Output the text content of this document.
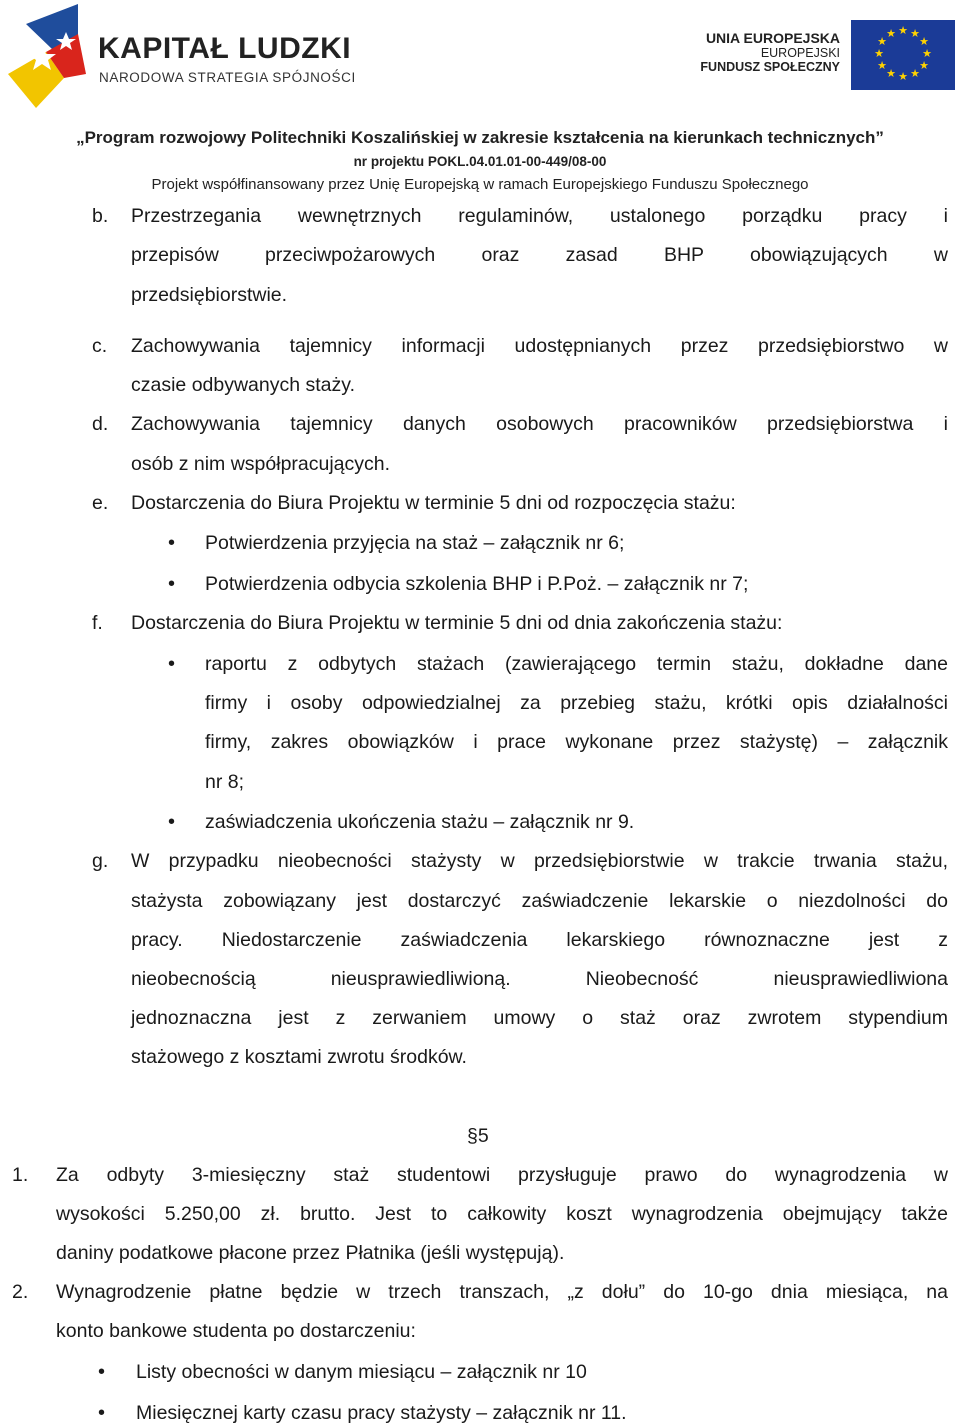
KAPITAŁ LUDZKI
NARODOWA STRATEGIA SPÓJNOŚCI
UNIA EUROPEJSKA
EUROPEJSKI
FUNDUSZ SPOŁECZNY
★ ★
★
★
★
★
★
★
★
★
★
★
„Program rozwojowy Politechniki Koszalińskiej w zakresie kształcenia na kierunkach technicznych”
nr projektu POKL.04.01.01-00-449/08-00
Projekt współfinansowany przez Unię Europejską w ramach Europejskiego Funduszu Społecznego
b. Przestrzegania wewnętrznych regulaminów, ustalonego porządku pracy i
przepisów przeciwpożarowych oraz zasad BHP obowiązujących w
przedsiębiorstwie.
c. Zachowywania tajemnicy informacji udostępnianych przez przedsiębiorstwo w
czasie odbywanych staży.
d. Zachowywania tajemnicy danych osobowych pracowników przedsiębiorstwa i
osób z nim współpracujących.
e. Dostarczenia do Biura Projektu w terminie 5 dni od rozpoczęcia stażu:
• Potwierdzenia przyjęcia na staż – załącznik nr 6;
• Potwierdzenia odbycia szkolenia BHP i P.Poż. – załącznik nr 7;
f. Dostarczenia do Biura Projektu w terminie 5 dni od dnia zakończenia stażu:
• raportu z odbytych stażach (zawierającego termin stażu, dokładne dane
firmy i osoby odpowiedzialnej za przebieg stażu, krótki opis działalności
firmy, zakres obowiązków i prace wykonane przez stażystę) – załącznik
nr 8;
• zaświadczenia ukończenia stażu – załącznik nr 9.
g. W przypadku nieobecności stażysty w przedsiębiorstwie w trakcie trwania stażu,
stażysta zobowiązany jest dostarczyć zaświadczenie lekarskie o niezdolności do
pracy. Niedostarczenie zaświadczenia lekarskiego równoznaczne jest z
nieobecnością nieusprawiedliwioną. Nieobecność nieusprawiedliwiona
jednoznaczna jest z zerwaniem umowy o staż oraz zwrotem stypendium
stażowego z kosztami zwrotu środków.
§5
1. Za odbyty 3-miesięczny staż studentowi przysługuje prawo do wynagrodzenia w
wysokości 5.250,00 zł. brutto. Jest to całkowity koszt wynagrodzenia obejmujący także
daniny podatkowe płacone przez Płatnika (jeśli występują).
2. Wynagrodzenie płatne będzie w trzech transzach, „z dołu” do 10-go dnia miesiąca, na
konto bankowe studenta po dostarczeniu:
• Listy obecności w danym miesiącu – załącznik nr 10
• Miesięcznej karty czasu pracy stażysty – załącznik nr 11.
